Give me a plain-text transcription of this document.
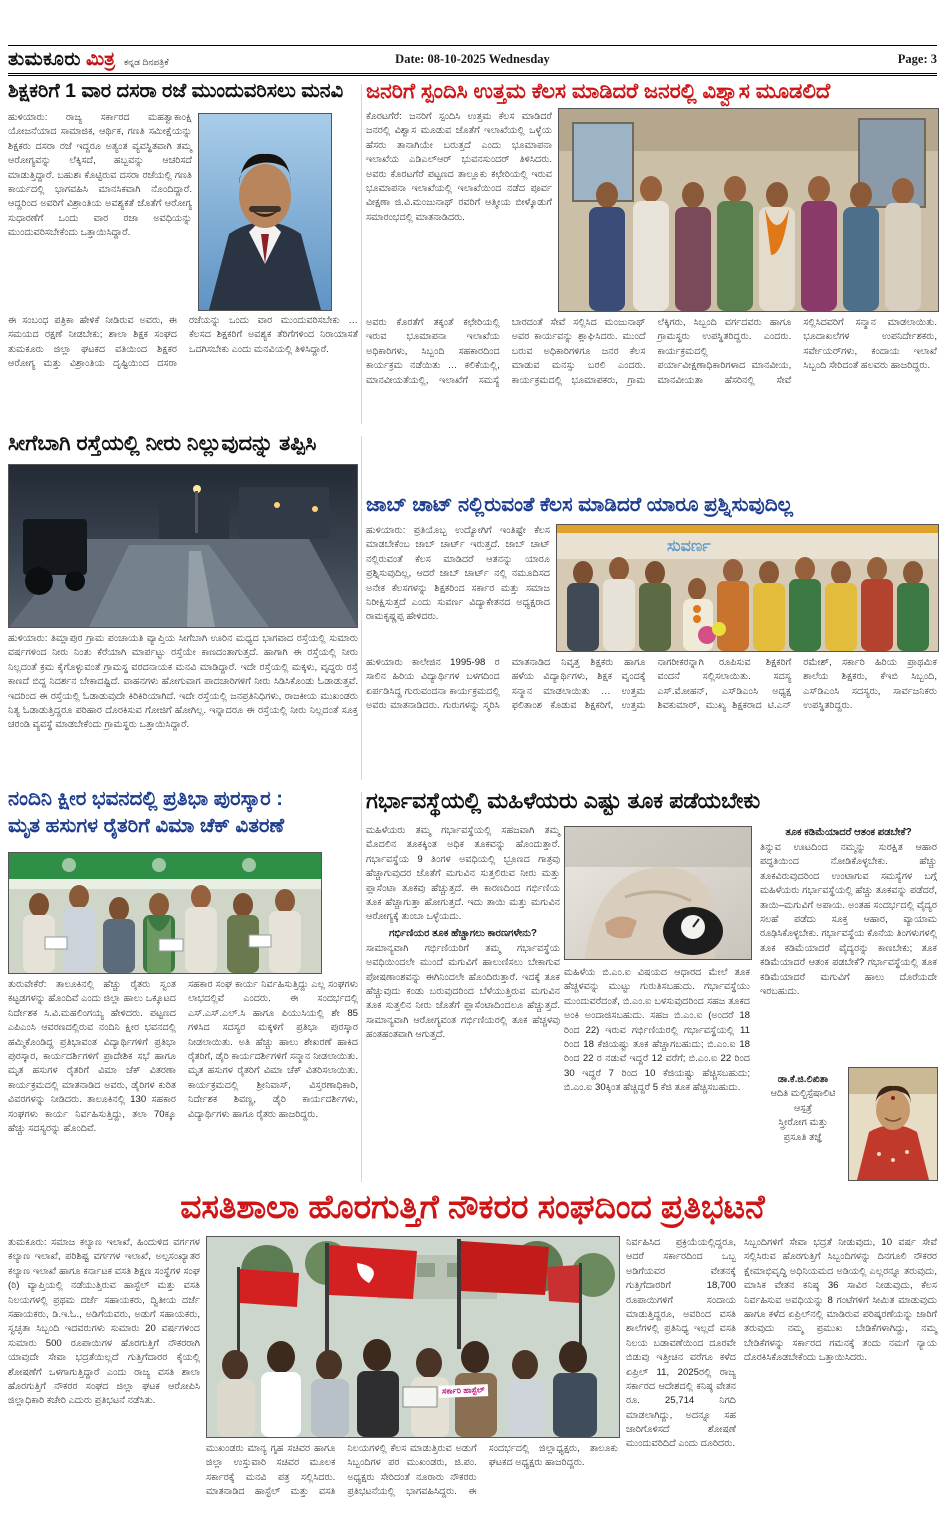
ತುಮಕೂರು ಮಿತ್ರ ಕನ್ನಡ ದಿನಪತ್ರಿಕೆ	Date: 08-10-2025 Wednesday	Page: 3
ಶಿಕ್ಷಕರಿಗೆ 1 ವಾರ ದಸರಾ ರಜೆ ಮುಂದುವರಿಸಲು ಮನವಿ
ಹುಳಿಯಾರು: ರಾಜ್ಯ ಸರ್ಕಾರದ ಮಹತ್ವಾಕಾಂಕ್ಷಿ ಯೋಜನೆಯಾದ ಸಾಮಾಜಿಕ, ಆರ್ಥಿಕ, ಗಣತಿ ಸಮೀಕ್ಷೆಯನ್ನು ಶಿಕ್ಷಕರು ದಸರಾ ರಜೆ ಇದ್ದರೂ ಅತ್ಯಂತ ವ್ಯವಸ್ಥಿತವಾಗಿ ತಮ್ಮ ಆರೋಗ್ಯವನ್ನು ಲೆಕ್ಕಿಸದೆ, ಹಬ್ಬವನ್ನು ಆಚರಿಸದೆ ಮಾಡುತ್ತಿದ್ದಾರೆ. ಬಹುಶಃ ಕೊಟ್ಟಿರುವ ದಸರಾ ರಜೆಯಲ್ಲಿ ಗಣತಿ ಕಾರ್ಯದಲ್ಲಿ ಭಾಗವಹಿಸಿ ಮಾನಸಿಕವಾಗಿ ನೊಂದಿದ್ದಾರೆ. ಆದ್ದರಿಂದ ಅವರಿಗೆ ವಿಶ್ರಾಂತಿಯ ಅವಶ್ಯಕತೆ ಜೊತೆಗೆ ಆರೋಗ್ಯ ಸುಧಾರಣೆಗೆ ಒಂದು ವಾರ ರಜಾ ಅವಧಿಯನ್ನು ಮುಂದುವರಿಸಬೇಕೆಂದು ಒತ್ತಾಯಿಸಿದ್ದಾರೆ.
ಈ ಸಂಬಂಧ ಪತ್ರಿಕಾ ಹೇಳಿಕೆ ನೀಡಿರುವ ಅವರು, ಈ ಸಮಯದ ರಕ್ಷಣೆ ನೀಡಬೇಕು; ಶಾಲಾ ಶಿಕ್ಷಕ ಸಂಘದ ತುಮಕೂರು ಜಿಲ್ಲಾ ಘಟಕದ ವತಿಯಿಂದ ಶಿಕ್ಷಕರ ಆರೋಗ್ಯ ಮತ್ತು ವಿಶ್ರಾಂತಿಯ ದೃಷ್ಟಿಯಿಂದ ದಸರಾ ರಜೆಯನ್ನು ಒಂದು ವಾರ ಮುಂದುವರಿಸಬೇಕು … ಕೆಲಸದ ಶಿಕ್ಷಕರಿಗೆ ಅವಶ್ಯಕ ತೆರಿಗೆಗಳಿಂದ ನಿರಾಯಾಸತೆ ಒದಗಿಸಬೇಕು ಎಂದು ಮನವಿಯಲ್ಲಿ ತಿಳಿಸಿದ್ದಾರೆ.
ಜನರಿಗೆ ಸ್ಪಂದಿಸಿ ಉತ್ತಮ ಕೆಲಸ ಮಾಡಿದರೆ ಜನರಲ್ಲಿ ವಿಶ್ವಾಸ ಮೂಡಲಿದೆ
ಕೊರಟಗೆರೆ: ಜನರಿಗೆ ಸ್ಪಂದಿಸಿ ಉತ್ತಮ ಕೆಲಸ ಮಾಡಿದರೆ ಜನರಲ್ಲಿ ವಿಶ್ವಾಸ ಮೂಡುವ ಜೊತೆಗೆ ಇಲಾಖೆಯಲ್ಲಿ ಒಳ್ಳೆಯ ಹೆಸರು ತಾನಾಗಿಯೇ ಬರುತ್ತದೆ ಎಂದು ಭೂಮಾಪನಾ ಇಲಾಖೆಯ ಎಡಿಎಲ್‌ಆರ್ ಭುವನಸುಂದರ್ ತಿಳಿಸಿದರು. ಅವರು ಕೊರಟಗೆರೆ ಪಟ್ಟಣದ ತಾಲ್ಲೂಕು ಕಛೇರಿಯಲ್ಲಿ ಇರುವ ಭೂಮಾಪನಾ ಇಲಾಖೆಯಲ್ಲಿ ಇಲಾಖೆಯಿಂದ ನಡೆದ ಪೂರ್ವ ವೀಕ್ಷಣಾ ಜಿ.ವಿ.ಮಂಜುನಾಥ್ ರವರಿಗೆ ಆತ್ಮೀಯ ಬೀಳ್ಕೊಡುಗೆ ಸಮಾರಂಭದಲ್ಲಿ ಮಾತನಾಡಿದರು.
ಅವರು ಕೊರತೆಗೆ ತಕ್ಕಂತೆ ಕಛೇರಿಯಲ್ಲಿ ಇರುವ ಭೂಮಾಪನಾ ಇಲಾಖೆಯ ಅಧಿಕಾರಿಗಳು, ಸಿಬ್ಬಂದಿ ಸಹಕಾರದಿಂದ ಕಾರ್ಯಕ್ರಮ ನಡೆಯಿತು … ಕಲಿಕೆಯಲ್ಲಿ, ಮಾನವೀಯತೆಯಲ್ಲಿ, ಇಲಾಖೆಗೆ ಸಮಸ್ಯೆ ಬಾರದಂತೆ ಸೇವೆ ಸಲ್ಲಿಸಿದ ಮಂಜುನಾಥ್ ಅವರ ಕಾರ್ಯವನ್ನು ಶ್ಲಾಘಿಸಿದರು. ಮುಂದೆ ಬರುವ ಅಧಿಕಾರಿಗಳಿಗೂ ಜನರ ಕೆಲಸ ಮಾಡುವ ಮನಸ್ಸು ಬರಲಿ ಎಂದರು. ಕಾರ್ಯಕ್ರಮದಲ್ಲಿ ಭೂಮಾಪಕರು, ಗ್ರಾಮ ಲೆಕ್ಕಿಗರು, ಸಿಬ್ಬಂದಿ ವರ್ಗದವರು ಹಾಗೂ ಗ್ರಾಮಸ್ಥರು ಉಪಸ್ಥಿತರಿದ್ದರು. ಎಂದರು. ಕಾರ್ಯಕ್ರಮದಲ್ಲಿ ಪರ್ಯಾವೀಕ್ಷಣಾಧಿಕಾರಿಗಳಾದ ಮಾನವೀಯ, ಮಾನವೀಯತಾ ಹೆಸರಿನಲ್ಲಿ ಸೇವೆ ಸಲ್ಲಿಸಿದವರಿಗೆ ಸನ್ಮಾನ ಮಾಡಲಾಯಿತು. ಭೂದಾಖಲೆಗಳ ಉಪನಿರ್ದೇಶಕರು, ಸರ್ವೇಯರ್‌ಗಳು, ಕಂದಾಯ ಇಲಾಖೆ ಸಿಬ್ಬಂದಿ ಸೇರಿದಂತೆ ಹಲವರು ಹಾಜರಿದ್ದರು.
ಸೀಗೆಬಾಗಿ ರಸ್ತೆಯಲ್ಲಿ ನೀರು ನಿಲ್ಲುವುದನ್ನು ತಪ್ಪಿಸಿ
ಹುಳಿಯಾರು: ತಿಮ್ಲಾಪುರ ಗ್ರಾಮ ಪಂಚಾಯತಿ ವ್ಯಾಪ್ತಿಯ ಸೀಗೆಬಾಗಿ ಊರಿನ ಮಧ್ಯದ ಭಾಗವಾದ ರಸ್ತೆಯಲ್ಲಿ ಸುಮಾರು ವರ್ಷಗಳಿಂದ ನೀರು ನಿಂತು ಕೆರೆಯಾಗಿ ಮಾರ್ಪಟ್ಟು ರಸ್ತೆಯೇ ಕಾಣದಂತಾಗುತ್ತದೆ. ಹಾಗಾಗಿ ಈ ರಸ್ತೆಯಲ್ಲಿ ನೀರು ನಿಲ್ಲದಂತೆ ಕ್ರಮ ಕೈಗೊಳ್ಳುವಂತೆ ಗ್ರಾಮಸ್ಥ ವರದನಾಯಕ ಮನವಿ ಮಾಡಿದ್ದಾರೆ. ಇದೇ ರಸ್ತೆಯಲ್ಲಿ ಮಕ್ಕಳು, ವೃದ್ಧರು ರಸ್ತೆ ಕಾಣದೆ ಬಿದ್ದ ನಿದರ್ಶನ ಬೇಕಾದಷ್ಟಿದೆ. ವಾಹನಗಳು ಹೋಗುವಾಗ ಪಾದಚಾರಿಗಳಿಗೆ ನೀರು ಸಿಡಿಸಿಕೊಂಡು ಓಡಾಡುತ್ತವೆ. ಇದರಿಂದ ಈ ರಸ್ತೆಯಲ್ಲಿ ಓಡಾಡುವುದೇ ಕಿರಿಕಿರಿಯಾಗಿದೆ. ಇದೇ ರಸ್ತೆಯಲ್ಲಿ ಜನಪ್ರತಿನಿಧಿಗಳು, ರಾಜಕೀಯ ಮುಖಂಡರು ನಿತ್ಯ ಓಡಾಡುತ್ತಿದ್ದರೂ ಪರಿಹಾರ ದೊರಕಿಸುವ ಗೋಜಿಗೆ ಹೋಗಿಲ್ಲ. ಇನ್ನಾದರೂ ಈ ರಸ್ತೆಯಲ್ಲಿ ನೀರು ನಿಲ್ಲದಂತೆ ಸೂಕ್ತ ಚರಂಡಿ ವ್ಯವಸ್ಥೆ ಮಾಡಬೇಕೆಂದು ಗ್ರಾಮಸ್ಥರು ಒತ್ತಾಯಿಸಿದ್ದಾರೆ.
ಜಾಬ್ ಚಾಟ್ ನಲ್ಲಿರುವಂತೆ ಕೆಲಸ ಮಾಡಿದರೆ ಯಾರೂ ಪ್ರಶ್ನಿಸುವುದಿಲ್ಲ
ಹುಳಿಯಾರು: ಪ್ರತಿಯೊಬ್ಬ ಉದ್ಯೋಗಿಗೆ ಇಂತಿಷ್ಟೇ ಕೆಲಸ ಮಾಡಬೇಕೆಂಬ ಜಾಬ್ ಚಾರ್ಟ್ ಇರುತ್ತದೆ. ಜಾಬ್ ಚಾಟ್ ನಲ್ಲಿರುವಂತೆ ಕೆಲಸ ಮಾಡಿದರೆ ಆತನನ್ನು ಯಾರೂ ಪ್ರಶ್ನಿಸುವುದಿಲ್ಲ, ಆದರೆ ಜಾಬ್ ಚಾರ್ಟ್ ನಲ್ಲಿ ನಮೂದಿಸದ ಅನೇಕ ಕೆಲಸಗಳನ್ನು ಶಿಕ್ಷಕರಿಂದ ಸರ್ಕಾರ ಮತ್ತು ಸಮಾಜ ನಿರೀಕ್ಷಿಸುತ್ತದೆ ಎಂದು ಸುವರ್ಣ ವಿದ್ಯಾಕೇತನದ ಅಧ್ಯಕ್ಷರಾದ ರಾಮಕೃಷ್ಣಪ್ಪ ಹೇಳಿದರು.
ಸುವರ್ಣ
ಹುಳಿಯಾರು ಕಾಲೇಜಿನ 1995-98 ರ ಸಾಲಿನ ಹಿರಿಯ ವಿದ್ಯಾರ್ಥಿಗಳ ಬಳಗದಿಂದ ಏರ್ಪಡಿಸಿದ್ದ ಗುರುವಂದನಾ ಕಾರ್ಯಕ್ರಮದಲ್ಲಿ ಅವರು ಮಾತನಾಡಿದರು. ಗುರುಗಳನ್ನು ಸ್ಮರಿಸಿ ಮಾತನಾಡಿದ ನಿವೃತ್ತ ಶಿಕ್ಷಕರು ಹಾಗೂ ಹಳೆಯ ವಿದ್ಯಾರ್ಥಿಗಳು, ಶಿಕ್ಷಕ ವೃಂದಕ್ಕೆ ಸನ್ಮಾನ ಮಾಡಲಾಯಿತು … ಉತ್ತಮ ಫಲಿತಾಂಶ ಕೊಡುವ ಶಿಕ್ಷಕರಿಗೆ, ಉತ್ತಮ ನಾಗರೀಕರನ್ನಾಗಿ ರೂಪಿಸುವ ಶಿಕ್ಷಕರಿಗೆ ವಂದನೆ ಸಲ್ಲಿಸಲಾಯಿತು. ಸದಸ್ಯ ಎಸ್.ಮೋಹನ್, ಎಸ್‌ಡಿಎಂಸಿ ಅಧ್ಯಕ್ಷ ಶಿವಕುಮಾರ್, ಮುಖ್ಯ ಶಿಕ್ಷಕರಾದ ಟಿ.ಎನ್ ರಮೇಶ್, ಸರ್ಕಾರಿ ಹಿರಿಯ ಪ್ರಾಥಮಿಕ ಶಾಲೆಯ ಶಿಕ್ಷಕರು, ಕೆಇಬಿ ಸಿಬ್ಬಂದಿ, ಎಸ್‌ಡಿಎಂಸಿ ಸದಸ್ಯರು, ಸಾರ್ವಜನಿಕರು ಉಪಸ್ಥಿತರಿದ್ದರು.
ನಂದಿನಿ ಕ್ಷೀರ ಭವನದಲ್ಲಿ ಪ್ರತಿಭಾ ಪುರಸ್ಕಾರ :
ಮೃತ ಹಸುಗಳ ರೈತರಿಗೆ ವಿಮಾ ಚೆಕ್ ವಿತರಣೆ
ತುರುವೇಕೆರೆ: ತಾಲೂಕಿನಲ್ಲಿ ಹೆಚ್ಚು ರೈತರು ಸ್ವಂತ ಕಟ್ಟಡಗಳನ್ನು ಹೊಂದಿವೆ ಎಂದು ಜಿಲ್ಲಾ ಹಾಲು ಒಕ್ಕೂಟದ ನಿರ್ದೇಶಕ ಸಿ.ವಿ.ಮಹಲಿಂಗಯ್ಯ ಹೇಳಿದರು. ಪಟ್ಟಣದ ಎಪಿಎಂಸಿ ಆವರಣದಲ್ಲಿರುವ ನಂದಿನಿ ಕ್ಷೀರ ಭವನದಲ್ಲಿ ಹಮ್ಮಿಕೊಂಡಿದ್ದ ಪ್ರತಿಭಾವಂತ ವಿದ್ಯಾರ್ಥಿಗಳಿಗೆ ಪ್ರತಿಭಾ ಪುರಸ್ಕಾರ, ಕಾರ್ಯದರ್ಶಿಗಳಿಗೆ ಪ್ರಾದೇಶಿಕ ಸಭೆ ಹಾಗೂ ಮೃತ ಹಸುಗಳ ರೈತರಿಗೆ ವಿಮಾ ಚೆಕ್ ವಿತರಣಾ ಕಾರ್ಯಕ್ರಮದಲ್ಲಿ ಮಾತನಾಡಿದ ಅವರು, ಡೈರಿಗಳ ಕುರಿತ ವಿವರಗಳನ್ನು ನೀಡಿದರು. ತಾಲೂಕಿನಲ್ಲಿ 130 ಸಹಕಾರ ಸಂಘಗಳು ಕಾರ್ಯ ನಿರ್ವಹಿಸುತ್ತಿದ್ದು, ತಲಾ 70ಕ್ಕೂ ಹೆಚ್ಚು ಸದಸ್ಯರನ್ನು ಹೊಂದಿವೆ.
ಸಹಕಾರ ಸಂಘ ಕಾರ್ಯ ನಿರ್ವಹಿಸುತ್ತಿದ್ದು ಎಲ್ಲ ಸಂಘಗಳು ಲಾಭದಲ್ಲಿವೆ ಎಂದರು. ಈ ಸಂದರ್ಭದಲ್ಲಿ ಎಸ್.ಎಸ್.ಎಲ್.ಸಿ ಹಾಗೂ ಪಿಯುಸಿಯಲ್ಲಿ ಶೇ 85 ಗಳಿಸಿದ ಸದಸ್ಯರ ಮಕ್ಕಳಿಗೆ ಪ್ರತಿಭಾ ಪುರಸ್ಕಾರ ನೀಡಲಾಯಿತು. ಅತಿ ಹೆಚ್ಚು ಹಾಲು ಶೇಖರಣೆ ಹಾಕಿದ ರೈತರಿಗೆ, ಡೈರಿ ಕಾರ್ಯದರ್ಶಿಗಳಿಗೆ ಸನ್ಮಾನ ನೀಡಲಾಯಿತು. ಮೃತ ಹಸುಗಳ ರೈತರಿಗೆ ವಿಮಾ ಚೆಕ್ ವಿತರಿಸಲಾಯಿತು. ಕಾರ್ಯಕ್ರಮದಲ್ಲಿ ಶ್ರೀನಿವಾಸ್, ವಿಸ್ತರಣಾಧಿಕಾರಿ, ನಿರ್ದೇಶಕ ಶಿವಣ್ಣ, ಡೈರಿ ಕಾರ್ಯದರ್ಶಿಗಳು, ವಿದ್ಯಾರ್ಥಿಗಳು ಹಾಗೂ ರೈತರು ಹಾಜರಿದ್ದರು.
ಗರ್ಭಾವಸ್ಥೆಯಲ್ಲಿ ಮಹಿಳೆಯರು ಎಷ್ಟು ತೂಕ ಪಡೆಯಬೇಕು
ಮಹಿಳೆಯರು ತಮ್ಮ ಗರ್ಭಾವಸ್ಥೆಯಲ್ಲಿ ಸಹಜವಾಗಿ ತಮ್ಮ ಮೊದಲಿನ ತೂಕಕ್ಕಿಂತ ಅಧಿಕ ತೂಕವನ್ನು ಹೊಂದುತ್ತಾರೆ. ಗರ್ಭಾವಸ್ಥೆಯ 9 ತಿಂಗಳ ಅವಧಿಯಲ್ಲಿ ಭ್ರೂಣದ ಗಾತ್ರವು ಹೆಚ್ಚಾಗುವುದರ ಜೊತೆಗೆ ಮಗುವಿನ ಸುತ್ತಲಿರುವ ನೀರು ಮತ್ತು ಪ್ಲಾಸೆಂಟಾ ತೂಕವು ಹೆಚ್ಚುತ್ತದೆ. ಈ ಕಾರಣದಿಂದ ಗರ್ಭಿಣಿಯ ತೂಕ ಹೆಚ್ಚಾಗುತ್ತಾ ಹೋಗುತ್ತದೆ. ಇದು ತಾಯಿ ಮತ್ತು ಮಗುವಿನ ಆರೋಗ್ಯಕ್ಕೆ ತುಂಬಾ ಒಳ್ಳೆಯದು.
ಗರ್ಭಿಣಿಯರ ತೂಕ ಹೆಚ್ಚಾಗಲು ಕಾರಣಗಳೇನು?
ಸಾಮಾನ್ಯವಾಗಿ ಗರ್ಭಿಣಿಯರಿಗೆ ತಮ್ಮ ಗರ್ಭಾವಸ್ಥೆಯ ಅವಧಿಯಿಂದಲೇ ಮುಂದೆ ಮಗುವಿಗೆ ಹಾಲುಣಿಸಲು ಬೇಕಾಗುವ ಪೋಷಣಾಂಶವನ್ನು ಈಗಿನಿಂದಲೇ ಹೊಂದಿರುತ್ತಾರೆ. ಇದಕ್ಕೆ ತೂಕ ಹೆಚ್ಚುವುದು ಕಂಡು ಬರುವುದರಿಂದ ಬೆಳೆಯುತ್ತಿರುವ ಮಗುವಿನ ತೂಕ ಸುತ್ತಲಿನ ನೀರು ಜೊತೆಗೆ ಪ್ಲಾಸೆಂಟಾದಿಂದಲೂ ಹೆಚ್ಚುತ್ತದೆ. ಸಾಮಾನ್ಯವಾಗಿ ಆರೋಗ್ಯವಂತ ಗರ್ಭಿಣಿಯರಲ್ಲಿ ತೂಕ ಹೆಚ್ಚಳವು ಹಂತಹಂತವಾಗಿ ಆಗುತ್ತದೆ.
ಮಹಿಳೆಯ ಬಿ.ಎಂ.ಐ ವಿಷಯದ ಆಧಾರದ ಮೇಲೆ ತೂಕ ಹೆಚ್ಚಳವನ್ನು ಮುಟ್ಟು ಗುರುತಿಸಬಹುದು. ಗರ್ಭಾವಸ್ಥೆಯು ಮುಂದುವರೆದಂತೆ, ಬಿ.ಎಂ.ಐ ಬಳಸುವುದರಿಂದ ಸಹಜ ತೂಕದ ಅಂಕಿ ಅಂದಾಜಿಸಬಹುದು. ಸಹಜ ಬಿ.ಎಂ.ಐ (ಅಂದರೆ 18 ರಿಂದ 22) ಇರುವ ಗರ್ಭಿಣಿಯರಲ್ಲಿ ಗರ್ಭಾವಸ್ಥೆಯಲ್ಲಿ 11 ರಿಂದ 18 ಕೆಜಿಯಷ್ಟು ತೂಕ ಹೆಚ್ಚಾಗಬಹುದು; ಬಿ.ಎಂ.ಐ 18 ರಿಂದ 22 ರ ನಡುವೆ ಇದ್ದರೆ 12 ವರೆಗೆ; ಬಿ.ಎಂ.ಐ 22 ರಿಂದ 30 ಇದ್ದರೆ 7 ರಿಂದ 10 ಕೆಜಿಯಷ್ಟು ಹೆಚ್ಚಿಸಬಹುದು; ಬಿ.ಎಂ.ಐ 30ಕ್ಕಿಂತ ಹೆಚ್ಚಿದ್ದರೆ 5 ಕೆಜಿ ತೂಕ ಹೆಚ್ಚಿಸಬಹುದು.
ತೂಕ ಕಡಿಮೆಯಾದರೆ ಆತಂಕ ಪಡಬೇಕೆ?
ತಿನ್ನುವ ಊಟದಿಂದ ನಮ್ಮನ್ನು ಸುರಕ್ಷಿತ ಆಹಾರ ಪದ್ಧತಿಯಿಂದ ನೋಡಿಕೊಳ್ಳಬೇಕು. ಹೆಚ್ಚು ತೂಕವಿರುವುದರಿಂದ ಉಂಟಾಗುವ ಸಮಸ್ಯೆಗಳ ಬಗ್ಗೆ ಮಹಿಳೆಯರು ಗರ್ಭಾವಸ್ಥೆಯಲ್ಲಿ ಹೆಚ್ಚು ತೂಕವನ್ನು ಪಡೆದರೆ, ತಾಯಿ–ಮಗುವಿಗೆ ಅಪಾಯ. ಅಂತಹ ಸಂದರ್ಭದಲ್ಲಿ ವೈದ್ಯರ ಸಲಹೆ ಪಡೆದು ಸೂಕ್ತ ಆಹಾರ, ವ್ಯಾಯಾಮ ರೂಢಿಸಿಕೊಳ್ಳಬೇಕು. ಗರ್ಭಾವಸ್ಥೆಯ ಕೊನೆಯ ತಿಂಗಳುಗಳಲ್ಲಿ ತೂಕ ಕಡಿಮೆಯಾದರೆ ವೈದ್ಯರನ್ನು ಕಾಣಬೇಕು; ತೂಕ ಕಡಿಮೆಯಾದರೆ ಆತಂಕ ಪಡಬೇಕೆ? ಗರ್ಭಾವಸ್ಥೆಯಲ್ಲಿ ತೂಕ ಕಡಿಮೆಯಾದರೆ ಮಗುವಿಗೆ ಹಾಲು ದೊರೆಯದೇ ಇರಬಹುದು.
ಡಾ.ಕೆ.ಜಿ.ಲಿಖಿತಾ
ಆದಿತಿ ಮಲ್ಟಿಸ್ಪೆಷಾಲಿಟಿ
ಆಸ್ಪತ್ರೆ
ಸ್ತ್ರೀರೋಗ ಮತ್ತು
ಪ್ರಸೂತಿ ತಜ್ಞೆ
ವಸತಿಶಾಲಾ ಹೊರಗುತ್ತಿಗೆ ನೌಕರರ ಸಂಘದಿಂದ ಪ್ರತಿಭಟನೆ
ತುಮಕೂರು: ಸಮಾಜ ಕಲ್ಯಾಣ ಇಲಾಖೆ, ಹಿಂದುಳಿದ ವರ್ಗಗಳ ಕಲ್ಯಾಣ ಇಲಾಖೆ, ಪರಿಶಿಷ್ಟ ವರ್ಗಗಳ ಇಲಾಖೆ, ಅಲ್ಪಸಂಖ್ಯಾತರ ಕಲ್ಯಾಣ ಇಲಾಖೆ ಹಾಗೂ ಕರ್ನಾಟಕ ವಸತಿ ಶಿಕ್ಷಣ ಸಂಸ್ಥೆಗಳ ಸಂಘ (ರಿ) ವ್ಯಾಪ್ತಿಯಲ್ಲಿ ನಡೆಯುತ್ತಿರುವ ಹಾಸ್ಟೆಲ್ ಮತ್ತು ವಸತಿ ನಿಲಯಗಳಲ್ಲಿ ಪ್ರಥಮ ದರ್ಜೆ ಸಹಾಯಕರು, ದ್ವಿತೀಯ ದರ್ಜೆ ಸಹಾಯಕರು, ಡಿ.ಇ.ಓ., ಅಡಿಗೆಯವರು, ಅಡುಗೆ ಸಹಾಯಕರು, ಸ್ವಚ್ಛತಾ ಸಿಬ್ಬಂದಿ ಇದವರುಗಳು ಸುಮಾರು 20 ವರ್ಷಗಳಿಂದ ಸುಮಾರು 500 ರೂಪಾಯಿಗಳ ಹೊರಗುತ್ತಿಗೆ ನೌಕರರಾಗಿ ಯಾವುದೇ ಸೇವಾ ಭದ್ರತೆಯಿಲ್ಲದೆ ಗುತ್ತಿಗೆದಾರರ ಕೈಯಲ್ಲಿ ಶೋಷಣೆಗೆ ಒಳಗಾಗುತ್ತಿದ್ದಾರೆ ಎಂದು ರಾಜ್ಯ ವಸತಿ ಶಾಲಾ ಹೊರಗುತ್ತಿಗೆ ನೌಕರರ ಸಂಘದ ಜಿಲ್ಲಾ ಘಟಕ ಆರೋಪಿಸಿ ಜಿಲ್ಲಾಧಿಕಾರಿ ಕಚೇರಿ ಎದುರು ಪ್ರತಿಭಟನೆ ನಡೆಸಿತು.
ಸರ್ಕಾರಿ ಹಾಸ್ಟೆಲ್
ಮುಖಂಡರು ಮಾನ್ಯ ಗೃಹ ಸಚಿವರ ಹಾಗೂ ಜಿಲ್ಲಾ ಉಸ್ತುವಾರಿ ಸಚಿವರ ಮೂಲಕ ಸರ್ಕಾರಕ್ಕೆ ಮನವಿ ಪತ್ರ ಸಲ್ಲಿಸಿದರು. ಮಾತನಾಡಿದ ಹಾಸ್ಟೆಲ್ ಮತ್ತು ವಸತಿ ನಿಲಯಗಳಲ್ಲಿ ಕೆಲಸ ಮಾಡುತ್ತಿರುವ ಅಡುಗೆ ಸಿಬ್ಬಂದಿಗಳ ಪರ ಮುಖಂಡರು, ಜಿ.ಪಂ. ಅಧ್ಯಕ್ಷರು ಸೇರಿದಂತೆ ನೂರಾರು ನೌಕರರು ಪ್ರತಿಭಟನೆಯಲ್ಲಿ ಭಾಗವಹಿಸಿದ್ದರು. ಈ ಸಂದರ್ಭದಲ್ಲಿ ಜಿಲ್ಲಾಧ್ಯಕ್ಷರು, ತಾಲೂಕು ಘಟಕದ ಅಧ್ಯಕ್ಷರು ಹಾಜರಿದ್ದರು.
ನಿರ್ವಹಿಸಿದ ಪ್ರಕ್ರಿಯೆಯಲ್ಲಿದ್ದರೂ, ಆದರೆ ಸರ್ಕಾರದಿಂದ ಒಬ್ಬ ಅಡಿಗೆಯವರ ವೇತನಕ್ಕೆ ಗುತ್ತಿಗೆದಾರರಿಗೆ 18,700 ರೂಪಾಯಿಗಳಿಗೆ ಸಂದಾಯ ಮಾಡುತ್ತಿದ್ದರೂ, ಅವರಿಂದ ವಸತಿ ಶಾಲೆಗಳಲ್ಲಿ ಪ್ರತಿನಿಧ್ಯ ಇಲ್ಲದೆ ವಸತಿ ನಿಲಯ ಬಡಾವಣೆಯಿಂದ ದೂರವೇ ಬಿಡುವು ಇತ್ತೀಚಿನ ವರೆಗೂ ಕಳೆದ ಏಪ್ರಿಲ್ 11, 2025ರಲ್ಲಿ ರಾಜ್ಯ ಸರ್ಕಾರದ ಆದೇಶದಲ್ಲಿ ಕನಿಷ್ಠ ವೇತನ ರೂ. 25,714 ನಿಗದಿ ಮಾಡಲಾಗಿದ್ದು, ಅದನ್ನೂ ಸಹ ಜಾರಿಗೊಳಿಸದೆ ಶೋಷಣೆ ಮುಂದುವರಿದಿದೆ ಎಂದು ದೂರಿದರು.
ಸಿಬ್ಬಂದಿಗಳಿಗೆ ಸೇವಾ ಭದ್ರತೆ ನೀಡುವುದು, 10 ವರ್ಷ ಸೇವೆ ಸಲ್ಲಿಸಿರುವ ಹೊರಗುತ್ತಿಗೆ ಸಿಬ್ಬಂದಿಗಳನ್ನು ದಿನಗೂಲಿ ನೌಕರರ ಕ್ಷೇಮಾಭಿವೃದ್ಧಿ ಅಧಿನಿಯಮದ ಅಡಿಯಲ್ಲಿ ಎಲ್ಲರನ್ನೂ ತರುವುದು, ಮಾಸಿಕ ವೇತನ ಕನಿಷ್ಠ 36 ಸಾವಿರ ನೀಡುವುದು, ಕೆಲಸ ನಿರ್ವಹಿಸುವ ಅವಧಿಯನ್ನು 8 ಗಂಟೆಗಳಿಗೆ ಸೀಮಿತ ಮಾಡುವುದು ಹಾಗೂ ಕಳೆದ ಏಪ್ರಿಲ್‌ನಲ್ಲಿ ಮಾಡಿರುವ ಪರಿಷ್ಕರಣೆಯನ್ನು ಜಾರಿಗೆ ತರುವುದು ನಮ್ಮ ಪ್ರಮುಖ ಬೇಡಿಕೆಗಳಾಗಿದ್ದು, ನಮ್ಮ ಬೇಡಿಕೆಗಳನ್ನು ಸರ್ಕಾರದ ಗಮನಕ್ಕೆ ತಂದು ನಮಗೆ ನ್ಯಾಯ ದೊರಕಿಸಿಕೊಡಬೇಕೆಂದು ಒತ್ತಾಯಿಸಿದರು.
